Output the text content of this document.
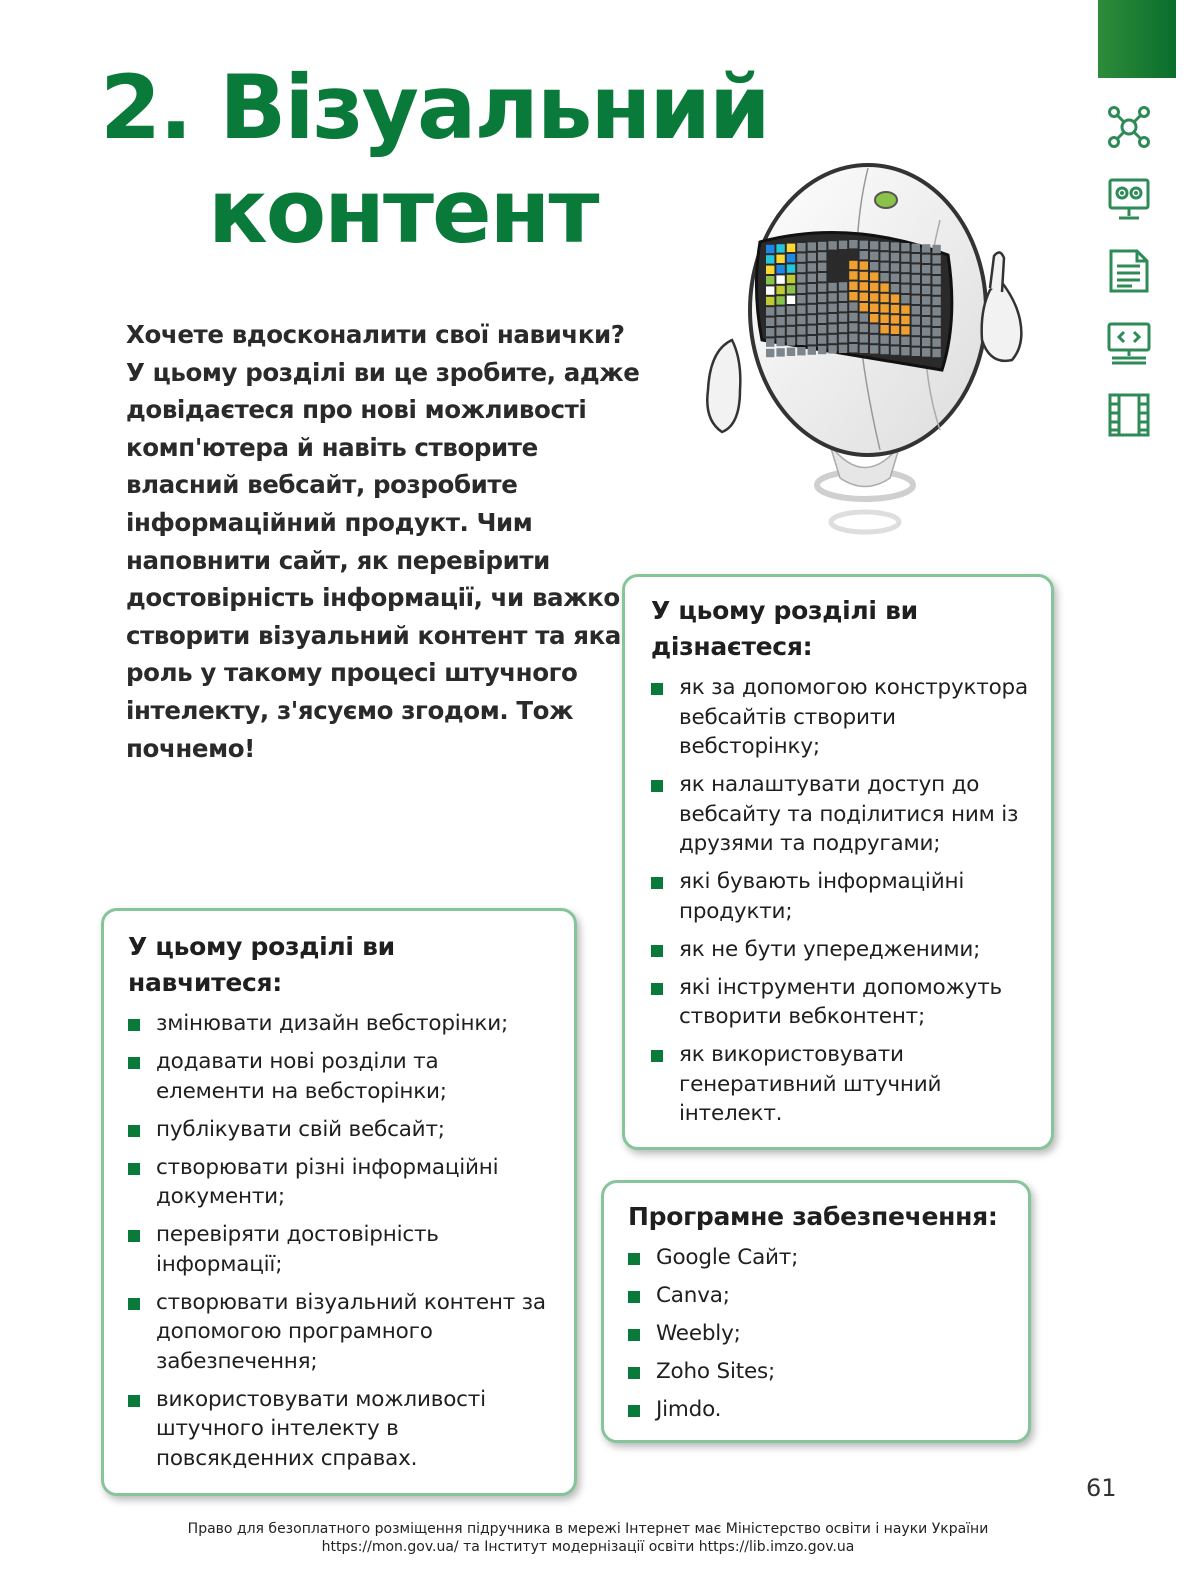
2. Візуальний
контент

Хочете вдосконалити свої навички? У цьому розділі ви це зробите, адже довідаєтеся про нові можливості комп'ютера й навіть створите власний вебсайт, розробите інформаційний продукт. Чим наповнити сайт, як перевірити достовірність інформації, чи важко створити візуальний контент та яка роль у такому процесі штучного інтелекту, з'ясуємо згодом. Тож почнемо!

У цьому розділі ви дізнаєтеся:
як за допомогою конструктора вебсайтів створити вебсторінку;
як налаштувати доступ до вебсайту та поділитися ним із друзями та подругами;
які бувають інформаційні продукти;
як не бути упередженими;
які інструменти допоможуть створити вебконтент;
як використовувати генеративний штучний інтелект.
У цьому розділі ви навчитеся:
змінювати дизайн вебсторінки;
додавати нові розділи та елементи на вебсторінки;
публікувати свій вебсайт;
створювати різні інформаційні документи;
перевіряти достовірність інформації;
створювати візуальний контент за допомогою програмного забезпечення;
використовувати можливості штучного інтелекту в повсякденних справах.
Програмне забезпечення:
Google Сайт;
Canva;
Weebly;
Zoho Sites;
Jimdo.
61
Право для безоплатного розміщення підручника в мережі Інтернет має Міністерство освіти і науки України
https://mon.gov.ua/ та Інститут модернізації освіти https://lib.imzo.gov.ua
